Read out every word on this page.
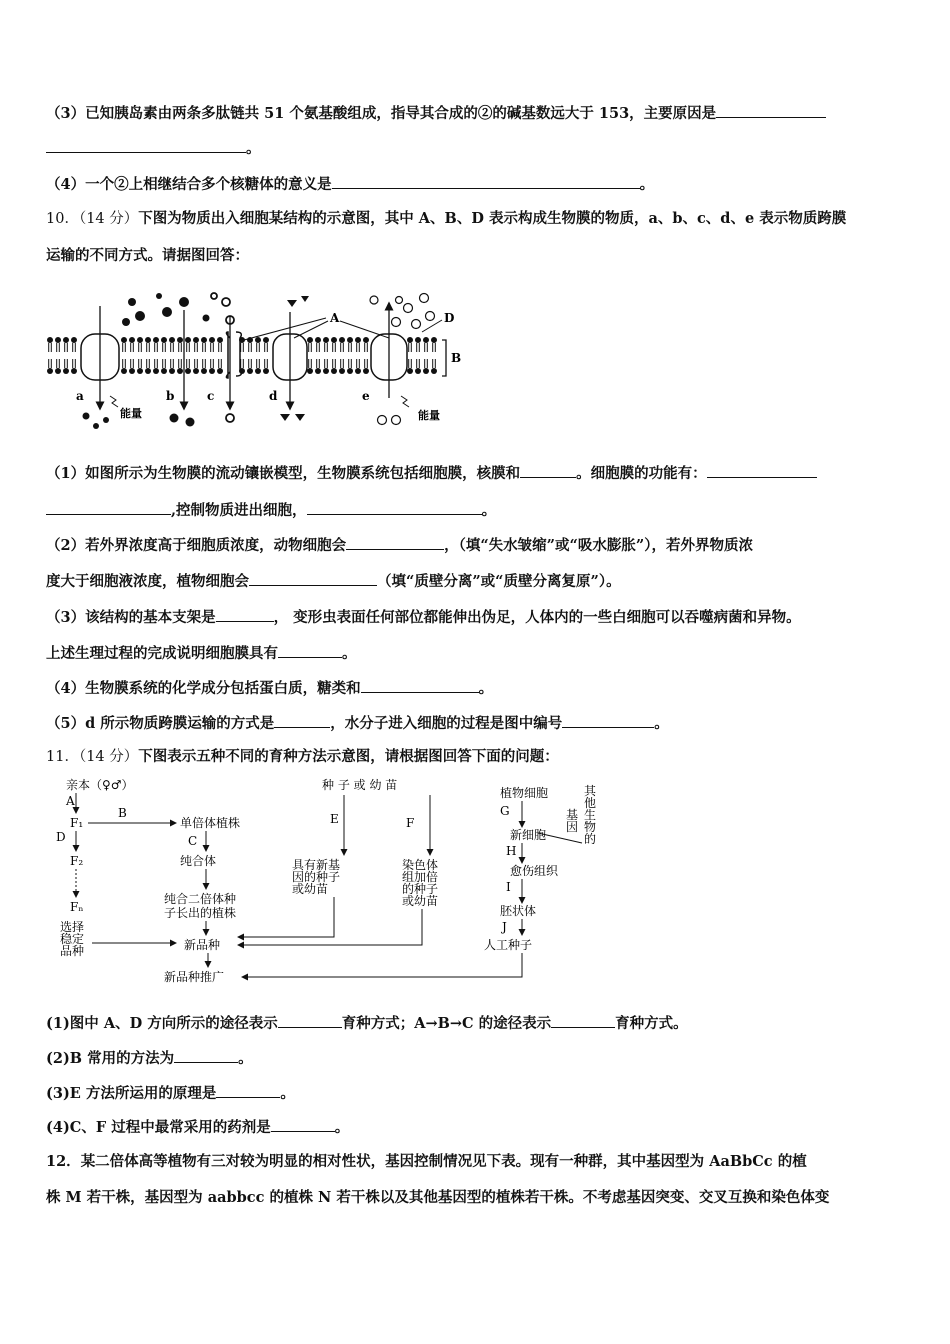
（3）已知胰岛素由两条多肽链共 51 个氨基酸组成，指导其合成的②的碱基数远大于 153，主要原因是
。
（4）一个②上相继结合多个核糖体的意义是	。
10．（14 分）下图为物质出入细胞某结构的示意图，其中 A、B、D 表示构成生物膜的物质，a、b、c、d、e 表示物质跨膜
运输的不同方式。请据图回答：
B
A	D
a	b	c	d	e
能量	能量
（1）如图所示为生物膜的流动镶嵌模型，生物膜系统包括细胞膜，核膜和	。细胞膜的功能有：
,控制物质进出细胞，	。
（2）若外界浓度高于细胞质浓度，动物细胞会	，（填“失水皱缩”或“吸水膨胀”），若外界物质浓
度大于细胞液浓度，植物细胞会	（填“质壁分离”或“质壁分离复原”）。
（3）该结构的基本支架是	， 变形虫表面任何部位都能伸出伪足，人体内的一些白细胞可以吞噬病菌和异物。
上述生理过程的完成说明细胞膜具有	。
（4）生物膜系统的化学成分包括蛋白质，糖类和	。
（5）d 所示物质跨膜运输的方式是	，水分子进入细胞的过程是图中编号	。
11．（14 分）下图表示五种不同的育种方法示意图，请根据图回答下面的问题：
亲本（♀♂）
A
F₁
B
D
F₂
Fₙ
选择
稳定
品种
单倍体植株
C
纯合体
纯合二倍体种
子长出的植株
新品种
新品种推广
种 子 或 幼 苗
E	F
具有新基
因的种子
或幼苗
染色体
组加倍
的种子
或幼苗
植物细胞	其
他
生
物
的
基
因
G
新细胞
H
愈伤组织
I
胚状体
J
人工种子
(1)图中 A、D 方向所示的途径表示	育种方式；A→B→C 的途径表示	育种方式。
(2)B 常用的方法为	。
(3)E 方法所运用的原理是	。
(4)C、F 过程中最常采用的药剂是	。
12．某二倍体高等植物有三对较为明显的相对性状，基因控制情况见下表。现有一种群，其中基因型为 AaBbCc 的植
株 M 若干株，基因型为 aabbcc 的植株 N 若干株以及其他基因型的植株若干株。不考虑基因突变、交叉互换和染色体变
